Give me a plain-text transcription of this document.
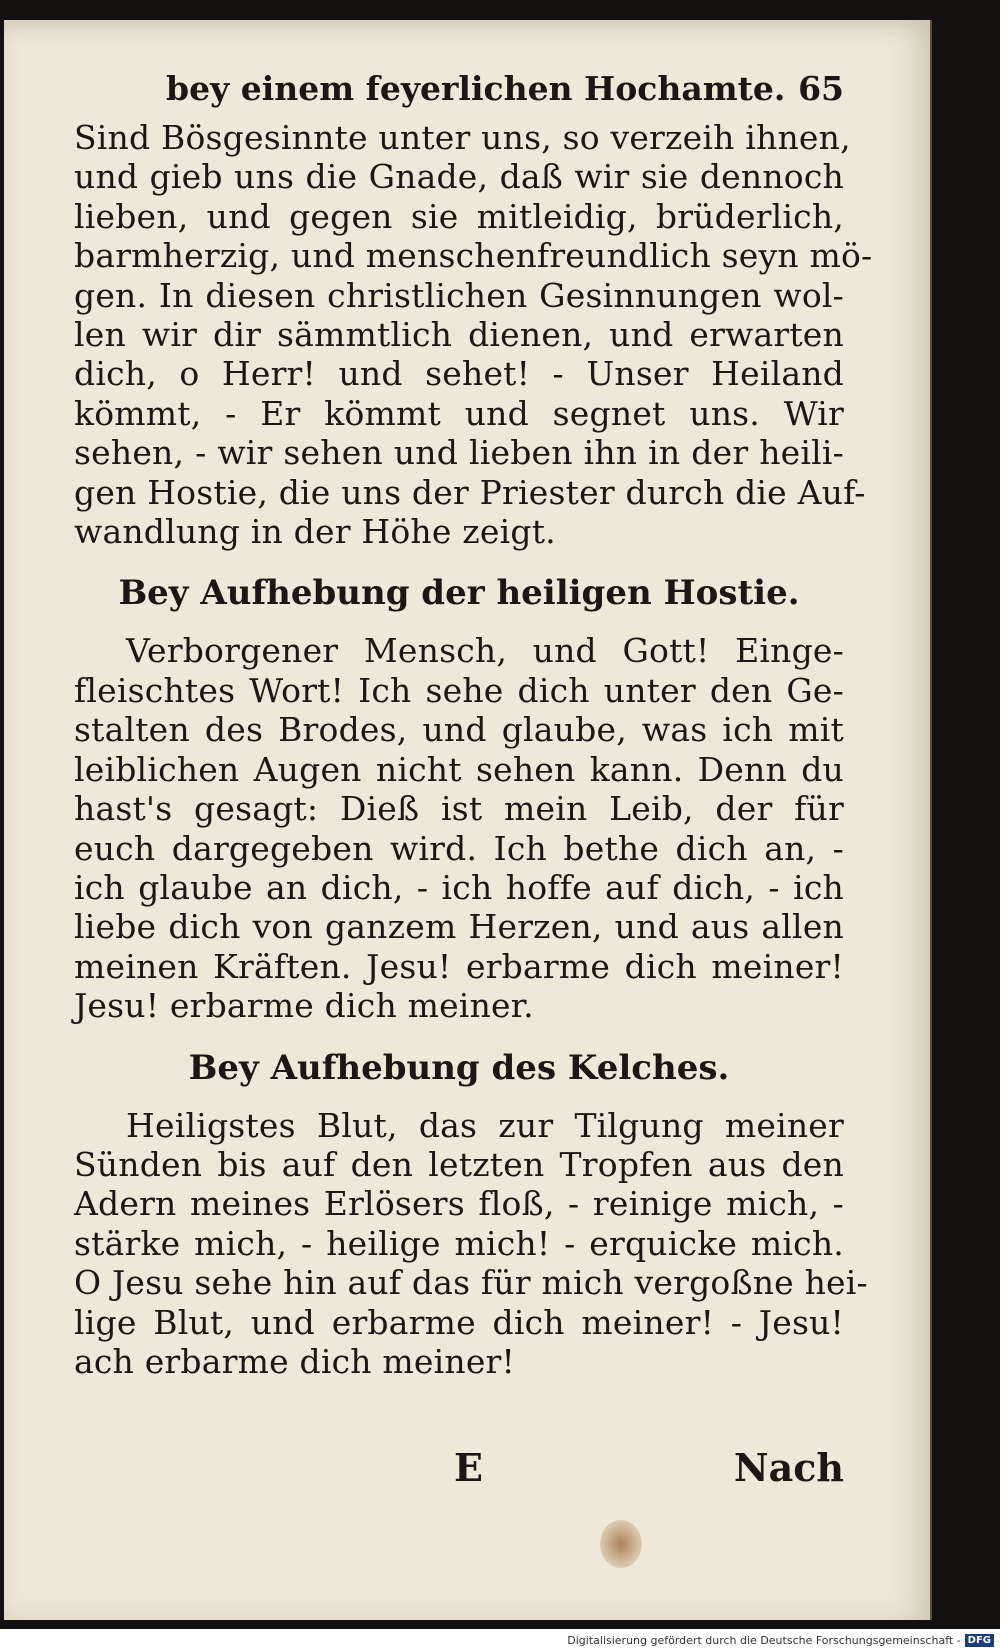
bey einem feyerlichen Hochamte. 65
Sind Bösgesinnte unter uns, so verzeih ihnen,
und gieb uns die Gnade, daß wir sie dennoch
lieben, und gegen sie mitleidig, brüderlich,
barmherzig, und menschenfreundlich seyn mö-
gen. In diesen christlichen Gesinnungen wol-
len wir dir sämmtlich dienen, und erwarten
dich, o Herr! und sehet! - Unser Heiland
kömmt, - Er kömmt und segnet uns. Wir
sehen, - wir sehen und lieben ihn in der heili-
gen Hostie, die uns der Priester durch die Auf-
wandlung in der Höhe zeigt.
Bey Aufhebung der heiligen Hostie.
Verborgener Mensch, und Gott! Einge-
fleischtes Wort! Ich sehe dich unter den Ge-
stalten des Brodes, und glaube, was ich mit
leiblichen Augen nicht sehen kann. Denn du
hast's gesagt: Dieß ist mein Leib, der für
euch dargegeben wird. Ich bethe dich an, -
ich glaube an dich, - ich hoffe auf dich, - ich
liebe dich von ganzem Herzen, und aus allen
meinen Kräften. Jesu! erbarme dich meiner!
Jesu! erbarme dich meiner.
Bey Aufhebung des Kelches.
Heiligstes Blut, das zur Tilgung meiner
Sünden bis auf den letzten Tropfen aus den
Adern meines Erlösers floß, - reinige mich, -
stärke mich, - heilige mich! - erquicke mich.
O Jesu sehe hin auf das für mich vergoßne hei-
lige Blut, und erbarme dich meiner! - Jesu!
ach erbarme dich meiner!
E	Nach
Digitalisierung gefördert durch die Deutsche Forschungsgemeinschaft - DFG
